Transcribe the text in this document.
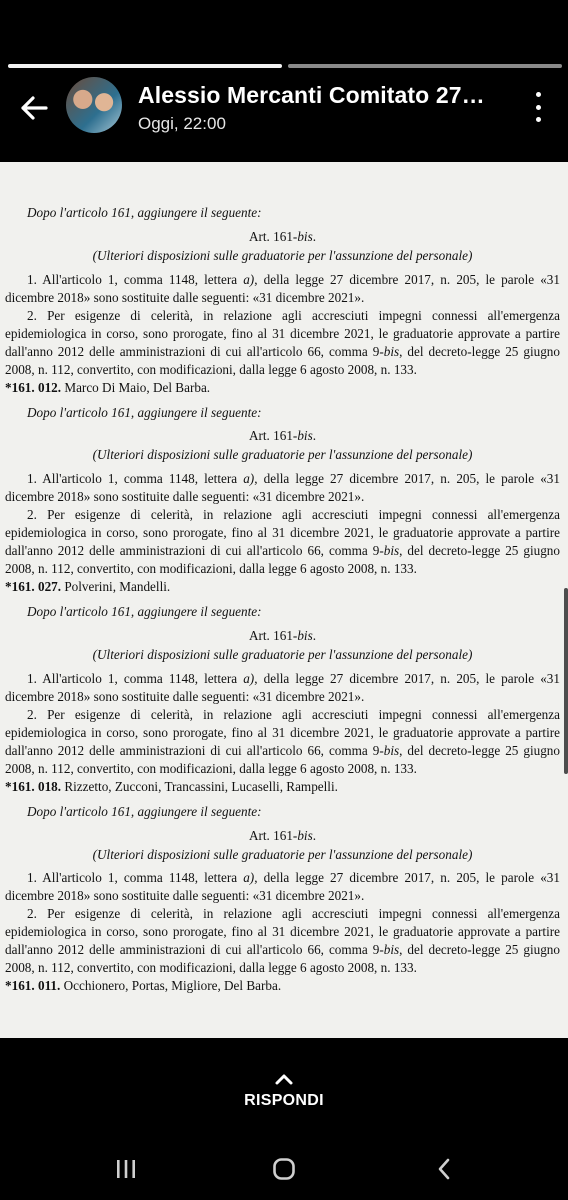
Alessio Mercanti Comitato 27…
Oggi, 22:00
Dopo l'articolo 161, aggiungere il seguente:
Art. 161-bis.
(Ulteriori disposizioni sulle graduatorie per l'assunzione del personale)
1. All'articolo 1, comma 1148, lettera a), della legge 27 dicembre 2017, n. 205, le parole «31 dicembre 2018» sono sostituite dalle seguenti: «31 dicembre 2021».
2. Per esigenze di celerità, in relazione agli accresciuti impegni connessi all'emergenza epidemiologica in corso, sono prorogate, fino al 31 dicembre 2021, le graduatorie approvate a partire dall'anno 2012 delle amministrazioni di cui all'articolo 66, comma 9-bis, del decreto-legge 25 giugno 2008, n. 112, convertito, con modificazioni, dalla legge 6 agosto 2008, n. 133.
*161. 012. Marco Di Maio, Del Barba.
Dopo l'articolo 161, aggiungere il seguente:
Art. 161-bis.
(Ulteriori disposizioni sulle graduatorie per l'assunzione del personale)
1. All'articolo 1, comma 1148, lettera a), della legge 27 dicembre 2017, n. 205, le parole «31 dicembre 2018» sono sostituite dalle seguenti: «31 dicembre 2021».
2. Per esigenze di celerità, in relazione agli accresciuti impegni connessi all'emergenza epidemiologica in corso, sono prorogate, fino al 31 dicembre 2021, le graduatorie approvate a partire dall'anno 2012 delle amministrazioni di cui all'articolo 66, comma 9-bis, del decreto-legge 25 giugno 2008, n. 112, convertito, con modificazioni, dalla legge 6 agosto 2008, n. 133.
*161. 027. Polverini, Mandelli.
Dopo l'articolo 161, aggiungere il seguente:
Art. 161-bis.
(Ulteriori disposizioni sulle graduatorie per l'assunzione del personale)
1. All'articolo 1, comma 1148, lettera a), della legge 27 dicembre 2017, n. 205, le parole «31 dicembre 2018» sono sostituite dalle seguenti: «31 dicembre 2021».
2. Per esigenze di celerità, in relazione agli accresciuti impegni connessi all'emergenza epidemiologica in corso, sono prorogate, fino al 31 dicembre 2021, le graduatorie approvate a partire dall'anno 2012 delle amministrazioni di cui all'articolo 66, comma 9-bis, del decreto-legge 25 giugno 2008, n. 112, convertito, con modificazioni, dalla legge 6 agosto 2008, n. 133.
*161. 018. Rizzetto, Zucconi, Trancassini, Lucaselli, Rampelli.
Dopo l'articolo 161, aggiungere il seguente:
Art. 161-bis.
(Ulteriori disposizioni sulle graduatorie per l'assunzione del personale)
1. All'articolo 1, comma 1148, lettera a), della legge 27 dicembre 2017, n. 205, le parole «31 dicembre 2018» sono sostituite dalle seguenti: «31 dicembre 2021».
2. Per esigenze di celerità, in relazione agli accresciuti impegni connessi all'emergenza epidemiologica in corso, sono prorogate, fino al 31 dicembre 2021, le graduatorie approvate a partire dall'anno 2012 delle amministrazioni di cui all'articolo 66, comma 9-bis, del decreto-legge 25 giugno 2008, n. 112, convertito, con modificazioni, dalla legge 6 agosto 2008, n. 133.
*161. 011. Occhionero, Portas, Migliore, Del Barba.
RISPONDI
